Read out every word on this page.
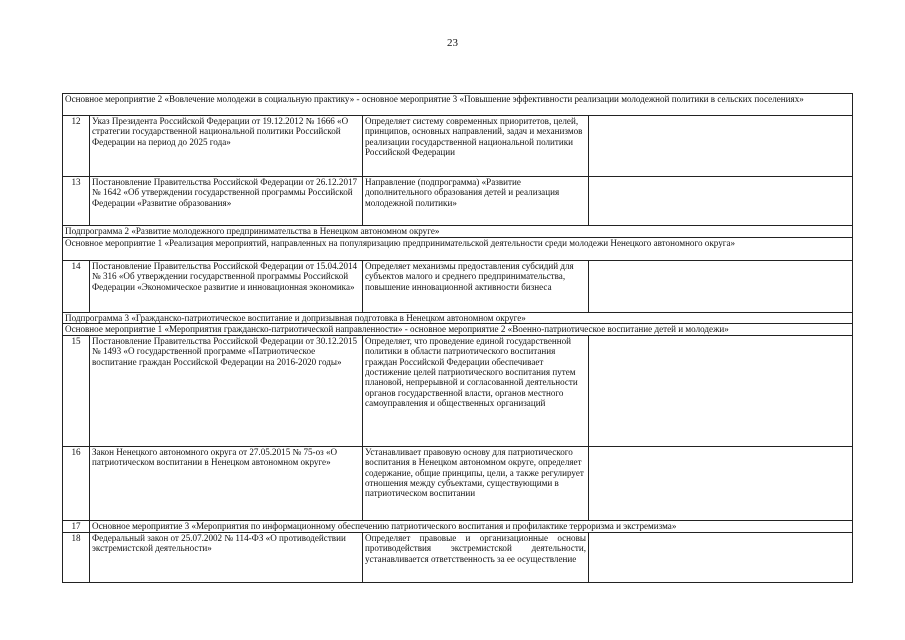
23
Основное мероприятие 2 «Вовлечение молодежи в социальную практику» - основное мероприятие 3 «Повышение эффективности реализации молодежной политики в сельских поселениях»			
12	Указ Президента Российской Федерации от 19.12.2012 № 1666 «О стратегии государственной национальной политики Российской Федерации на период до 2025 года»	Определяет систему современных приоритетов, целей, принципов, основных направлений, задач и механизмов реализации государственной национальной политики Российской Федерации	
13	Постановление Правительства Российской Федерации от 26.12.2017 № 1642 «Об утверждении государственной программы Российской Федерации «Развитие образования»	Направление (подпрограмма) «Развитие дополнительного образования детей и реализация молодежной политики»	
Подпрограмма 2 «Развитие молодежного предпринимательства в Ненецком автономном округе»			
Основное мероприятие 1 «Реализация мероприятий, направленных на популяризацию предпринимательской деятельности среди молодежи Ненецкого автономного округа»			
14	Постановление Правительства Российской Федерации от 15.04.2014 № 316 «Об утверждении государственной программы Российской Федерации «Экономическое развитие и инновационная экономика»	Определяет механизмы предоставления субсидий для субъектов малого и среднего предпринимательства, повышение инновационной активности бизнеса	
Подпрограмма 3 «Гражданско-патриотическое воспитание и допризывная подготовка в Ненецком автономном округе»			
Основное мероприятие 1 «Мероприятия гражданско-патриотической направленности» - основное мероприятие 2 «Военно-патриотическое воспитание детей и молодежи»			
15	Постановление Правительства Российской Федерации от 30.12.2015 № 1493 «О государственной программе «Патриотическое воспитание граждан Российской Федерации на 2016-2020 годы»	Определяет, что проведение единой государственной политики в области патриотического воспитания граждан Российской Федерации обеспечивает достижение целей патриотического воспитания путем плановой, непрерывной и согласованной деятельности органов государственной власти, органов местного самоуправления и общественных организаций	
16	Закон Ненецкого автономного округа от 27.05.2015 № 75-оз «О патриотическом воспитании в Ненецком автономном округе»	Устанавливает правовую основу для патриотического воспитания в Ненецком автономном округе, определяет содержание, общие принципы, цели, а также регулирует отношения между субъектами, существующими в патриотическом воспитании	
17	Основное мероприятие 3 «Мероприятия по информационному обеспечению патриотического воспитания и профилактике терроризма и экстремизма»		
18	Федеральный закон от 25.07.2002 № 114-ФЗ «О противодействии экстремистской деятельности»	Определяет правовые и организационные основы противодействия экстремистской деятельности, устанавливается ответственность за ее осуществление	
